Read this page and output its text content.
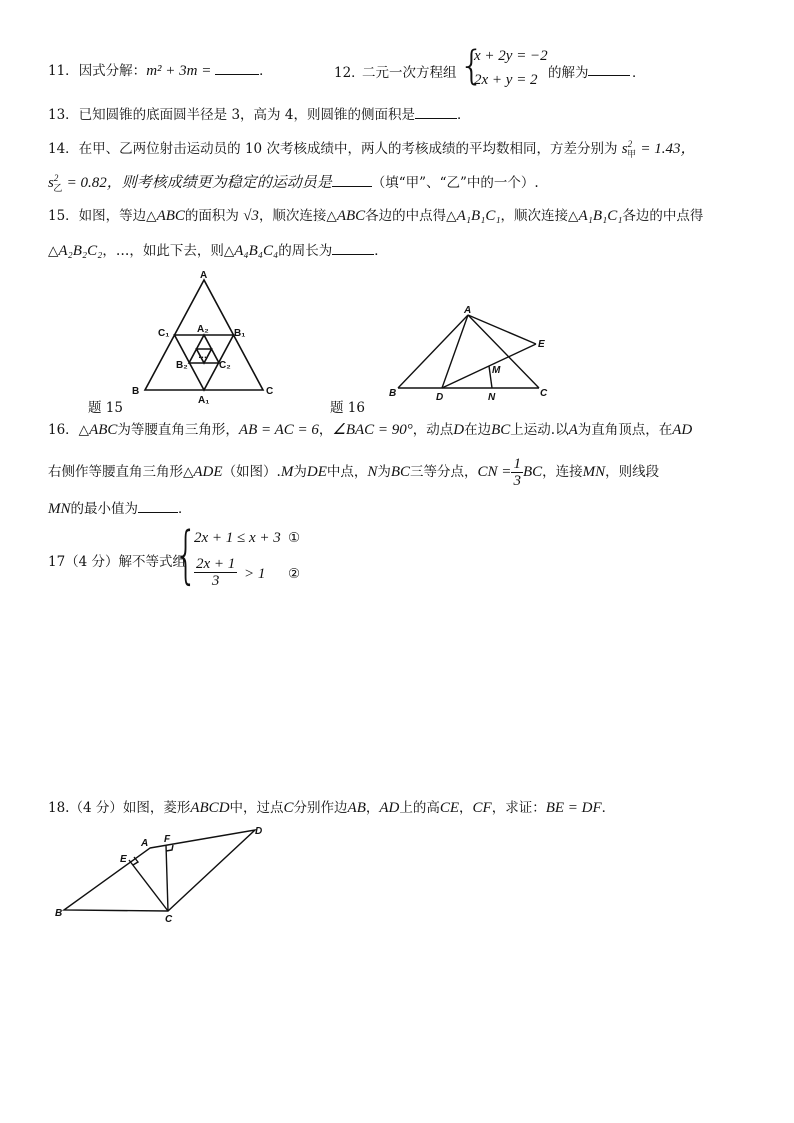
11．因式分解：m² + 3m =	．	12．
二元一次方程组 {
x + 2y = −2
2x + y = 2 的解为	．
13．已知圆锥的底面圆半径是 3，高为 4，则圆锥的侧面积是	．
14．在甲、乙两位射击运动员的 10 次考核成绩中，两人的考核成绩的平均数相同，方差分别为 $s^2_甲 = 1.43$，
$s^2_乙 = 0.82$，则考核成绩更为稳定的运动员是	（填“甲”、“乙”中的一个）.
15．如图，等边△ABC的面积为 √3，顺次连接△ABC各边的中点得△A₁B₁C₁，顺次连接△A₁B₁C₁各边的中点得
△A₂B₂C₂，…，如此下去，则△A₄B₄C₄的周长为	．
A
B	C
A₁
B₁
C₁	A₂
B₂	C₂
…
题 15
A
B	C
D
E
M
N
题 16
16．△ABC为等腰直角三角形，AB = AC = 6，∠BAC = 90°，动点D在边BC上运动.以A为直角顶点，在AD
右侧作等腰直角三角形△ADE（如图）.M为DE中点，N为BC三等分点，CN = $\frac{1}{3}$ BC，连接MN，则线段
MN的最小值为	．
17（4 分）解不等式组
{
2x + 1 ≤ x + 3 ①
$\frac{2x + 1}{3} > 1$ ②
18.（4 分）如图，菱形ABCD中，过点C分别作边AB，AD上的高CE，CF，求证：BE = DF．
A
B
C
D
E
F
